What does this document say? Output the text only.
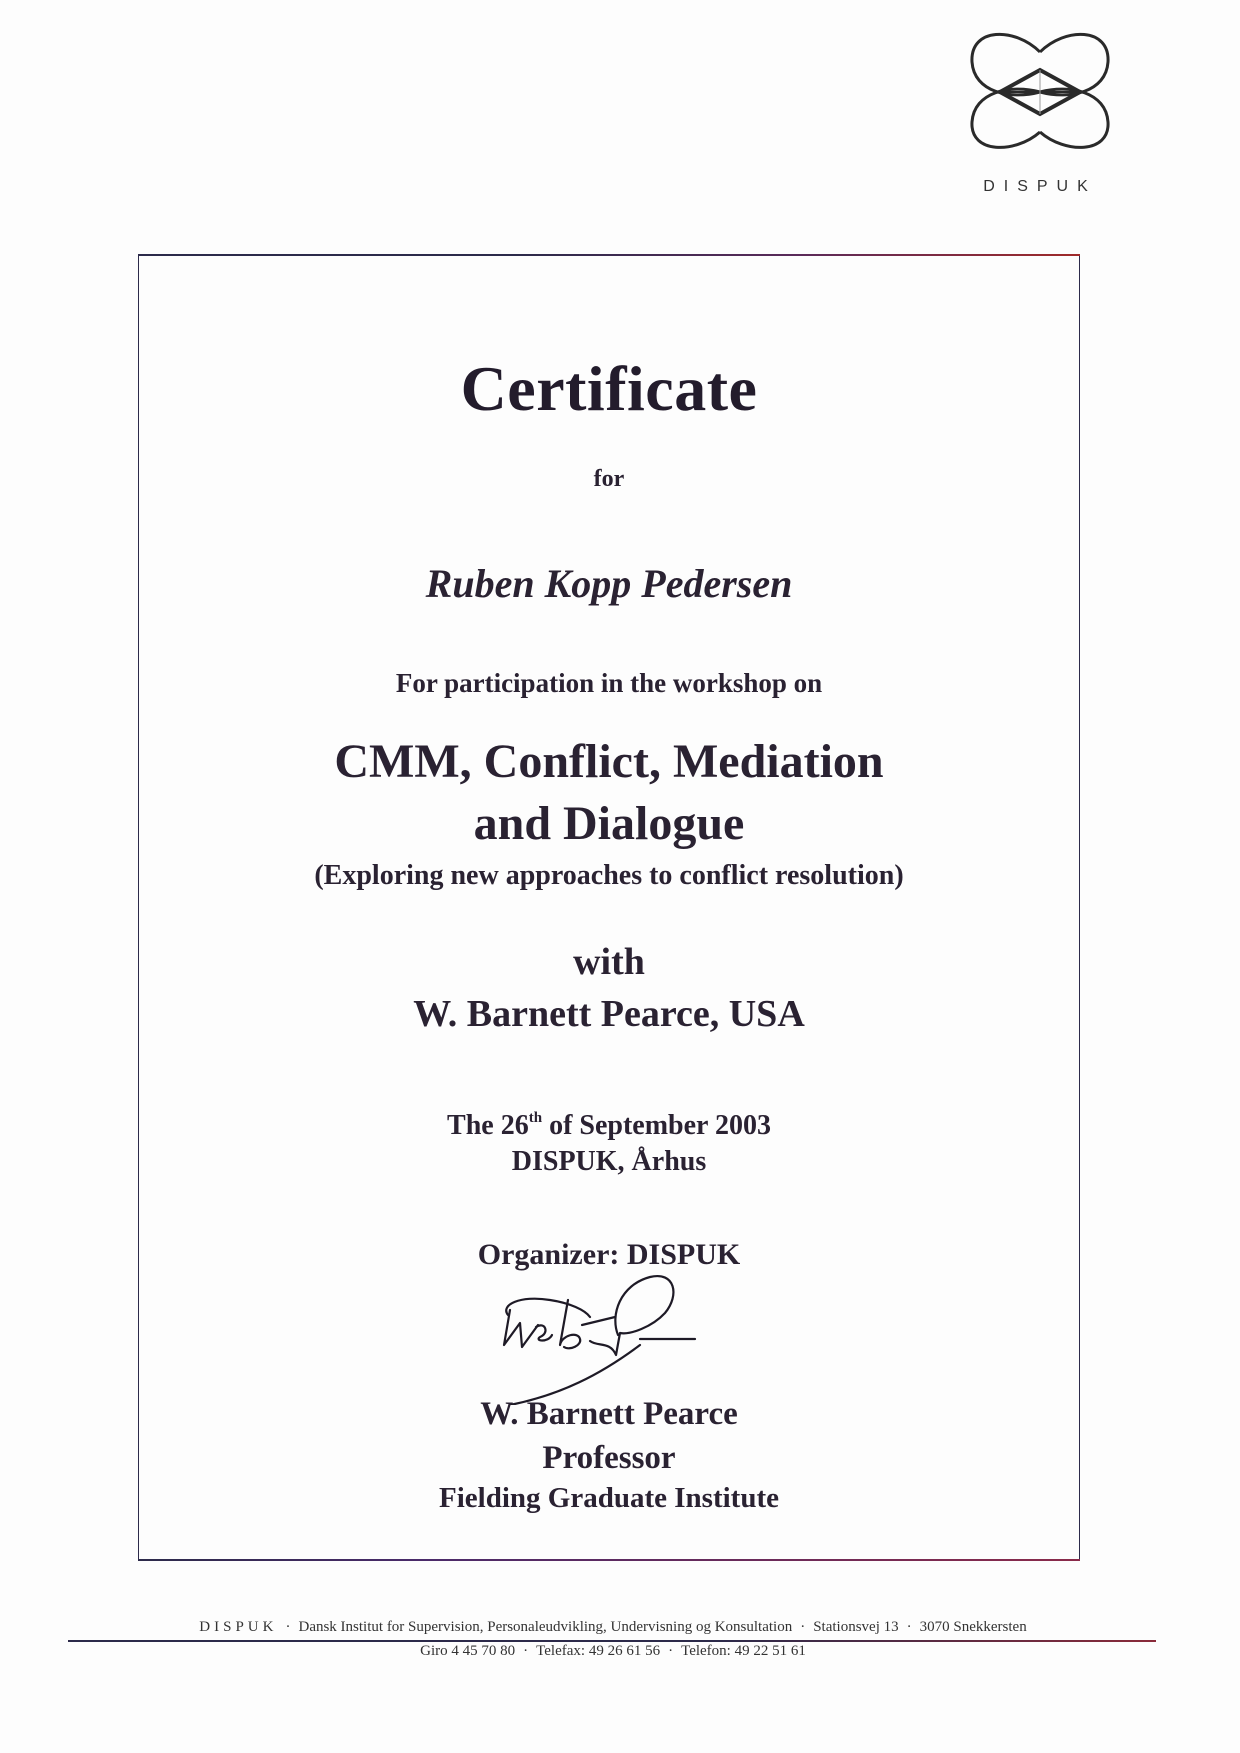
DISPUK
Certificate
for
Ruben Kopp Pedersen
For participation in the workshop on
CMM, Conflict, Mediation
and Dialogue
(Exploring new approaches to conflict resolution)
with
W. Barnett Pearce, USA
The 26th of September 2003
DISPUK, Århus
Organizer: DISPUK
W. Barnett Pearce
Professor
Fielding Graduate Institute
DISPUK · Dansk Institut for Supervision, Personaleudvikling, Undervisning og Konsultation · Stationsvej 13 · 3070 Snekkersten
Giro 4 45 70 80 · Telefax: 49 26 61 56 · Telefon: 49 22 51 61
